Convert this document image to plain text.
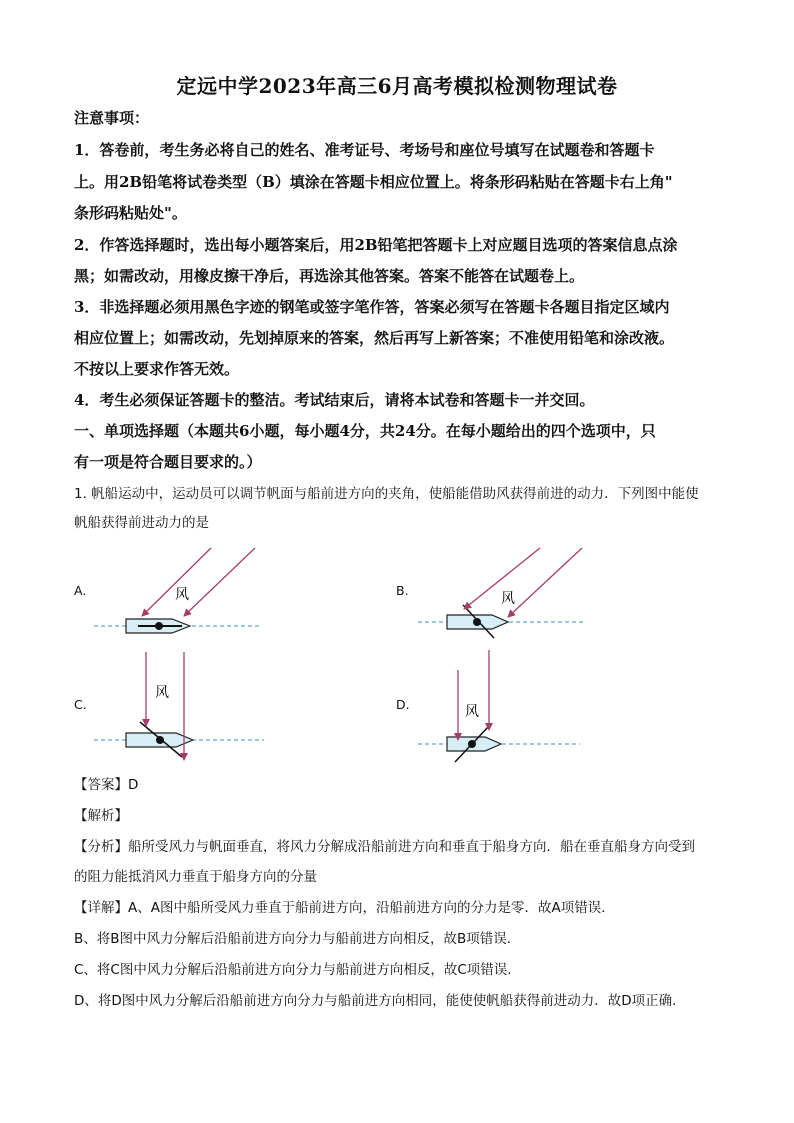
定远中学2023年高三6月高考模拟检测物理试卷
注意事项：
1．答卷前，考生务必将自己的姓名、准考证号、考场号和座位号填写在试题卷和答题卡
上。用2B铅笔将试卷类型（B）填涂在答题卡相应位置上。将条形码粘贴在答题卡右上角"
条形码粘贴处"。
2．作答选择题时，选出每小题答案后，用2B铅笔把答题卡上对应题目选项的答案信息点涂
黑；如需改动，用橡皮擦干净后，再选涂其他答案。答案不能答在试题卷上。
3．非选择题必须用黑色字迹的钢笔或签字笔作答，答案必须写在答题卡各题目指定区域内
相应位置上；如需改动，先划掉原来的答案，然后再写上新答案；不准使用铅笔和涂改液。
不按以上要求作答无效。
4．考生必须保证答题卡的整洁。考试结束后，请将本试卷和答题卡一并交回。
一、单项选择题（本题共6小题，每小题4分，共24分。在每小题给出的四个选项中，只
有一项是符合题目要求的。）
1. 帆船运动中，运动员可以调节帆面与船前进方向的夹角，使船能借助风获得前进的动力．下列图中能使
帆船获得前进动力的是
A.	B.
C.	D.
风	风
风
风
【答案】D
【解析】
【分析】船所受风力与帆面垂直，将风力分解成沿船前进方向和垂直于船身方向．船在垂直船身方向受到
的阻力能抵消风力垂直于船身方向的分量
【详解】A、A图中船所受风力垂直于船前进方向，沿船前进方向的分力是零．故A项错误．
B、将B图中风力分解后沿船前进方向分力与船前进方向相反，故B项错误．
C、将C图中风力分解后沿船前进方向分力与船前进方向相反，故C项错误．
D、将D图中风力分解后沿船前进方向分力与船前进方向相同，能使使帆船获得前进动力．故D项正确．
